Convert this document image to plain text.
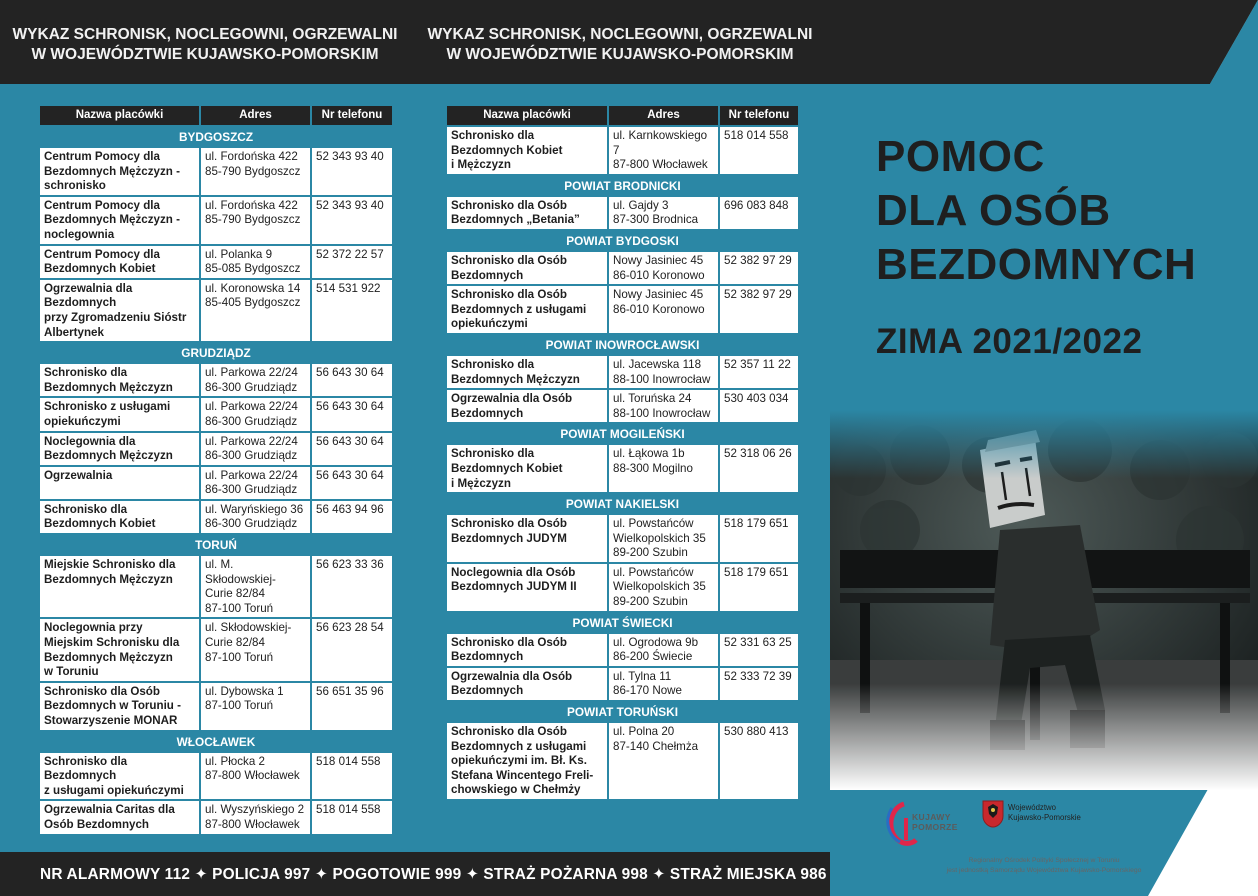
WYKAZ SCHRONISK, NOCLEGOWNI, OGRZEWALNI
W WOJEWÓDZTWIE KUJAWSKO-POMORSKIM
Nazwa placówki	Adres	Nr telefonu
BYDGOSZCZ		

Centrum Pomocy dla
Bezdomnych Mężczyzn -
schronisko	ul. Fordońska 422
85-790 Bydgoszcz	52 343 93 40

Centrum Pomocy dla
Bezdomnych Mężczyzn -
noclegownia	ul. Fordońska 422
85-790 Bydgoszcz	52 343 93 40

Centrum Pomocy dla
Bezdomnych Kobiet	ul. Polanka 9
85-085 Bydgoszcz	52 372 22 57

Ogrzewalnia dla
Bezdomnych
przy Zgromadzeniu Sióstr
Albertynek	ul. Koronowska 14
85-405 Bydgoszcz	514 531 922
GRUDZIĄDZ		

Schronisko dla
Bezdomnych Mężczyzn	ul. Parkowa 22/24
86-300 Grudziądz	56 643 30 64

Schronisko z usługami
opiekuńczymi	ul. Parkowa 22/24
86-300 Grudziądz	56 643 30 64

Noclegownia dla
Bezdomnych Mężczyzn	ul. Parkowa 22/24
86-300 Grudziądz	56 643 30 64

Ogrzewalnia	ul. Parkowa 22/24
86-300 Grudziądz	56 643 30 64

Schronisko dla
Bezdomnych Kobiet	ul. Waryńskiego 36
86-300 Grudziądz	56 463 94 96
TORUŃ		

Miejskie Schronisko dla
Bezdomnych Mężczyzn	ul. M. Skłodowskiej-
Curie 82/84
87-100 Toruń	56 623 33 36

Noclegownia przy
Miejskim Schronisku dla
Bezdomnych Mężczyzn
w Toruniu	ul. Skłodowskiej-
Curie 82/84
87-100 Toruń	56 623 28 54

Schronisko dla Osób
Bezdomnych w Toruniu -
Stowarzyszenie MONAR	ul. Dybowska 1
87-100 Toruń	56 651 35 96
WŁOCŁAWEK		

Schronisko dla Bezdomnych
z usługami opiekuńczymi	ul. Płocka 2
87-800 Włocławek	518 014 558

Ogrzewalnia Caritas dla
Osób Bezdomnych	ul. Wyszyńskiego 2
87-800 Włocławek	518 014 558
WYKAZ SCHRONISK, NOCLEGOWNI, OGRZEWALNI
W WOJEWÓDZTWIE KUJAWSKO-POMORSKIM
Nazwa placówki	Adres	Nr telefonu

Schronisko dla
Bezdomnych Kobiet
i Mężczyzn	ul. Karnkowskiego
7
87-800 Włocławek	518 014 558
POWIAT BRODNICKI		

Schronisko dla Osób
Bezdomnych „Betania”	ul. Gajdy 3
87-300 Brodnica	696 083 848
POWIAT BYDGOSKI		

Schronisko dla Osób
Bezdomnych	Nowy Jasiniec 45
86-010 Koronowo	52 382 97 29

Schronisko dla Osób
Bezdomnych z usługami
opiekuńczymi	Nowy Jasiniec 45
86-010 Koronowo	52 382 97 29
POWIAT INOWROCŁAWSKI		

Schronisko dla
Bezdomnych Mężczyzn	ul. Jacewska 118
88-100 Inowrocław	52 357 11 22

Ogrzewalnia dla Osób
Bezdomnych	ul. Toruńska 24
88-100 Inowrocław	530 403 034
POWIAT MOGILEŃSKI		

Schronisko dla
Bezdomnych Kobiet
i Mężczyzn	ul. Łąkowa 1b
88-300 Mogilno	52 318 06 26
POWIAT NAKIELSKI		

Schronisko dla Osób
Bezdomnych JUDYM	ul. Powstańców
Wielkopolskich 35
89-200 Szubin	518 179 651

Noclegownia dla Osób
Bezdomnych JUDYM II	ul. Powstańców
Wielkopolskich 35
89-200 Szubin	518 179 651
POWIAT ŚWIECKI		

Schronisko dla Osób
Bezdomnych	ul. Ogrodowa 9b
86-200 Świecie	52 331 63 25

Ogrzewalnia dla Osób
Bezdomnych	ul. Tylna 11
86-170 Nowe	52 333 72 39
POWIAT TORUŃSKI		

Schronisko dla Osób
Bezdomnych z usługami
opiekuńczymi im. Bł. Ks.
Stefana Wincentego Freli-
chowskiego w Chełmży	ul. Polna 20
87-140 Chełmża	530 880 413
NR ALARMOWY 112 ✦ POLICJA 997 ✦ POGOTOWIE 999 ✦ STRAŻ POŻARNA 998 ✦ STRAŻ MIEJSKA 986
POMOC
DLA OSÓB
BEZDOMNYCH
ZIMA 2021/2022
KUJAWY
POMORZE
Województwo
Kujawsko-Pomorskie
Regionalny Ośrodek Polityki Społecznej w Toruniu
jest jednostką Samorządu Województwa Kujawsko-Pomorskiego
